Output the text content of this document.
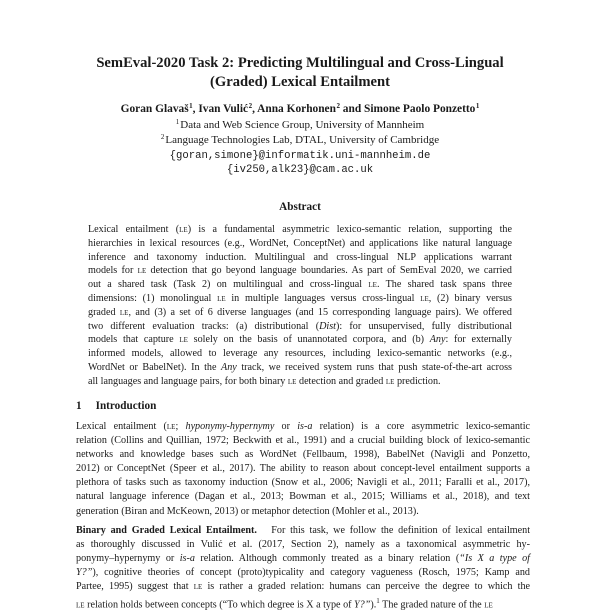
SemEval-2020 Task 2: Predicting Multilingual and Cross-Lingual
(Graded) Lexical Entailment
Goran Glavaš$^1$, Ivan Vulić$^2$, Anna Korhonen$^2$ and Simone Paolo Ponzetto$^1$
$^1$Data and Web Science Group, University of Mannheim
$^2$Language Technologies Lab, DTAL, University of Cambridge
{goran,simone}@informatik.uni-mannheim.de
{iv250,alk23}@cam.ac.uk
Abstract
Lexical entailment (le) is a fundamental asymmetric lexico-semantic relation, supporting the
hierarchies in lexical resources (e.g., WordNet, ConceptNet) and applications like natural language
inference and taxonomy induction. Multilingual and cross-lingual NLP applications warrant
models for le detection that go beyond language boundaries. As part of SemEval 2020, we carried
out a shared task (Task 2) on multilingual and cross-lingual le. The shared task spans three
dimensions: (1) monolingual le in multiple languages versus cross-lingual le, (2) binary versus
graded le, and (3) a set of 6 diverse languages (and 15 corresponding language pairs). We offered
two different evaluation tracks: (a) distributional (Dist): for unsupervised, fully distributional
models that capture le solely on the basis of unannotated corpora, and (b) Any: for externally
informed models, allowed to leverage any resources, including lexico-semantic networks (e.g.,
WordNet or BabelNet). In the Any track, we received system runs that push state-of-the-art across
all languages and language pairs, for both binary le detection and graded le prediction.
1 Introduction
Lexical entailment (le; hyponymy-hypernymy or is-a relation) is a core asymmetric lexico-semantic
relation (Collins and Quillian, 1972; Beckwith et al., 1991) and a crucial building block of lexico-semantic
networks and knowledge bases such as WordNet (Fellbaum, 1998), BabelNet (Navigli and Ponzetto,
2012) or ConceptNet (Speer et al., 2017). The ability to reason about concept-level entailment supports a
plethora of tasks such as taxonomy induction (Snow et al., 2006; Navigli et al., 2011; Faralli et al., 2017),
natural language inference (Dagan et al., 2013; Bowman et al., 2015; Williams et al., 2018), and text
generation (Biran and McKeown, 2013) or metaphor detection (Mohler et al., 2013).
Binary and Graded Lexical Entailment. For this task, we follow the definition of lexical entailment
as thoroughly discussed in Vulić et al. (2017, Section 2), namely as a taxonomical asymmetric hy-
ponymy–hypernymy or is-a relation. Although commonly treated as a binary relation (“Is X a type of
Y?”), cognitive theories of concept (proto)typicality and category vagueness (Rosch, 1975; Kamp and
Partee, 1995) suggest that le is rather a graded relation: humans can perceive the degree to which the
le relation holds between concepts (“To which degree is X a type of Y?”).$^1$ The graded nature of the le
